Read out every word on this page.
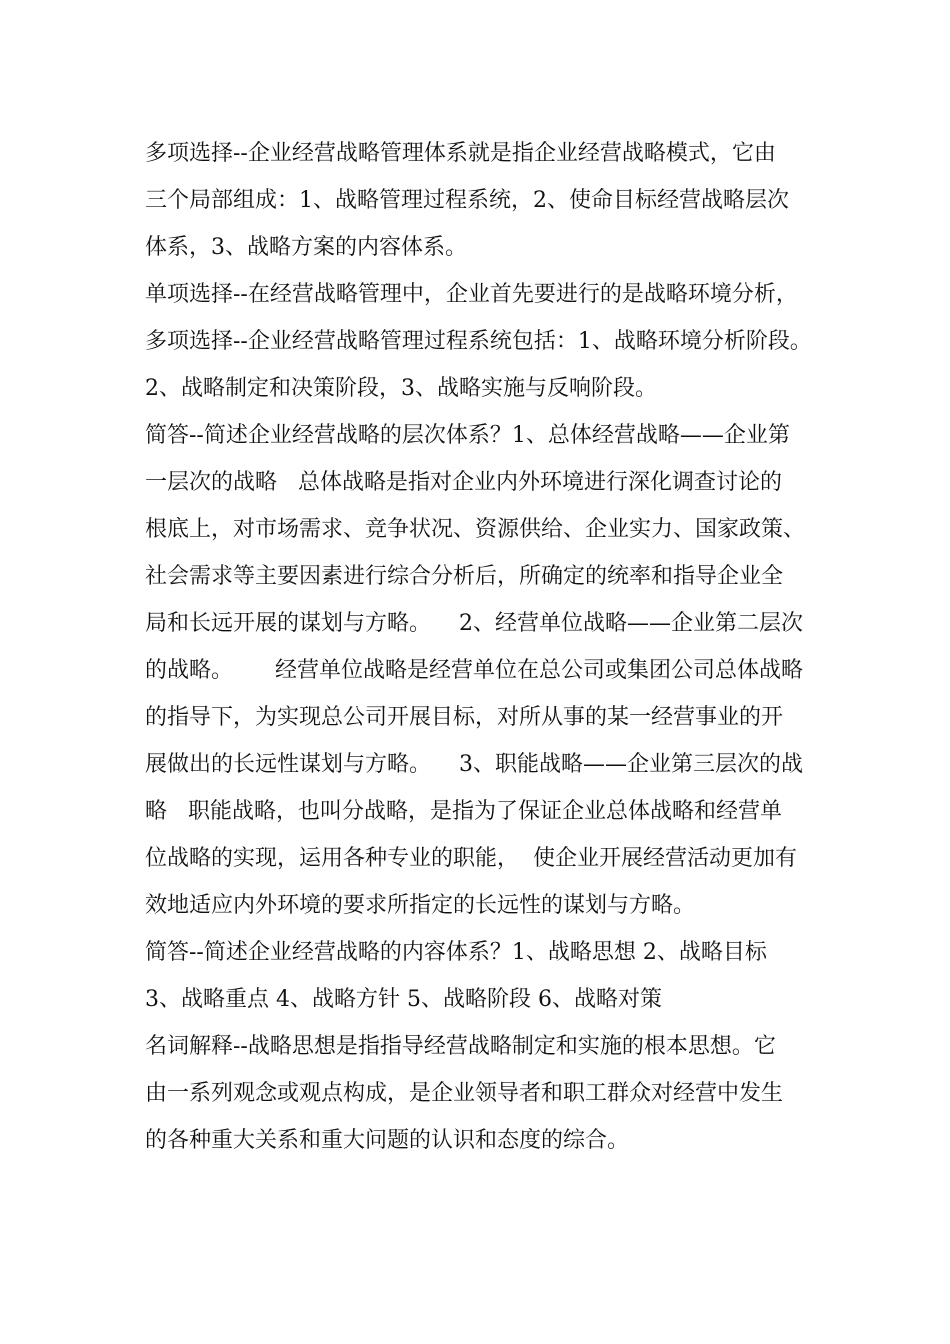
多项选择--企业经营战略管理体系就是指企业经营战略模式，它由
三个局部组成：1、战略管理过程系统，2、使命目标经营战略层次
体系，3、战略方案的内容体系。
单项选择--在经营战略管理中，企业首先要进行的是战略环境分析，
多项选择--企业经营战略管理过程系统包括：1、战略环境分析阶段。
2、战略制定和决策阶段，3、战略实施与反响阶段。
简答--简述企业经营战略的层次体系？1、总体经营战略——企业第
一层次的战略   总体战略是指对企业内外环境进行深化调查讨论的
根底上，对市场需求、竞争状况、资源供给、企业实力、国家政策、
社会需求等主要因素进行综合分析后，所确定的统率和指导企业全
局和长远开展的谋划与方略。    2、经营单位战略——企业第二层次
的战略。      经营单位战略是经营单位在总公司或集团公司总体战略
的指导下，为实现总公司开展目标，对所从事的某一经营事业的开
展做出的长远性谋划与方略。    3、职能战略——企业第三层次的战
略   职能战略，也叫分战略，是指为了保证企业总体战略和经营单
位战略的实现，运用各种专业的职能，  使企业开展经营活动更加有
效地适应内外环境的要求所指定的长远性的谋划与方略。
简答--简述企业经营战略的内容体系？1、战略思想 2、战略目标
3、战略重点 4、战略方针 5、战略阶段 6、战略对策
名词解释--战略思想是指指导经营战略制定和实施的根本思想。它
由一系列观念或观点构成，是企业领导者和职工群众对经营中发生
的各种重大关系和重大问题的认识和态度的综合。
